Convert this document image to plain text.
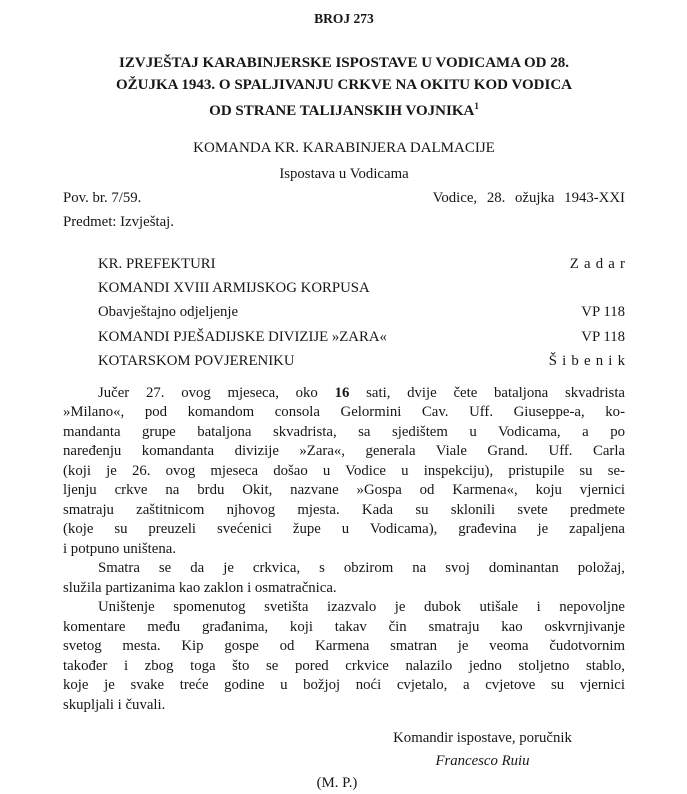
BROJ 273
IZVJEŠTAJ KARABINJERSKE ISPOSTAVE U VODICAMA OD 28.
OŽUJKA 1943. O SPALJIVANJU CRKVE NA OKITU KOD VODICA
OD STRANE TALIJANSKIH VOJNIKA$^1$
KOMANDA KR. KARABINJERA DALMACIJE
Ispostava u Vodicama
Pov. br. 7/59.	Vodice, 28. ožujka 1943-XXI
Predmet: Izvještaj.
KR. PREFEKTURI	Zadar
KOMANDI XVIII ARMIJSKOG KORPUSA
Obavještajno odjeljenje	VP 118
KOMANDI PJEŠADIJSKE DIVIZIJE »ZARA«	VP 118
KOTARSKOM POVJERENIKU	Šibenik
Jučer 27. ovog mjeseca, oko 16 sati, dvije čete bataljona skvadrista
»Milano«, pod komandom consola Gelormini Cav. Uff. Giuseppe-a, ko-
mandanta grupe bataljona skvadrista, sa sjedištem u Vodicama, a po
naređenju komandanta divizije »Zara«, generala Viale Grand. Uff. Carla
(koji je 26. ovog mjeseca došao u Vodice u inspekciju), pristupile su se-
ljenju crkve na brdu Okit, nazvane »Gospa od Karmena«, koju vjernici
smatraju zaštitnicom njhovog mjesta. Kada su sklonili svete predmete
(koje su preuzeli svećenici župe u Vodicama), građevina je zapaljena
i potpuno uništena.
Smatra se da je crkvica, s obzirom na svoj dominantan položaj,
služila partizanima kao zaklon i osmatračnica.
Uništenje spomenutog svetišta izazvalo je dubok utišale i nepovoljne
komentare među građanima, koji takav čin smatraju kao oskvrnjivanje
svetog mesta. Kip gospe od Karmena smatran je veoma čudotvornim
također i zbog toga što se pored crkvice nalazilo jedno stoljetno stablo,
koje je svake treće godine u božjoj noći cvjetalo, a cvjetove su vjernici
skupljali i čuvali.
Komandir ispostave, poručnik
Francesco Ruiu
(M. P.)
